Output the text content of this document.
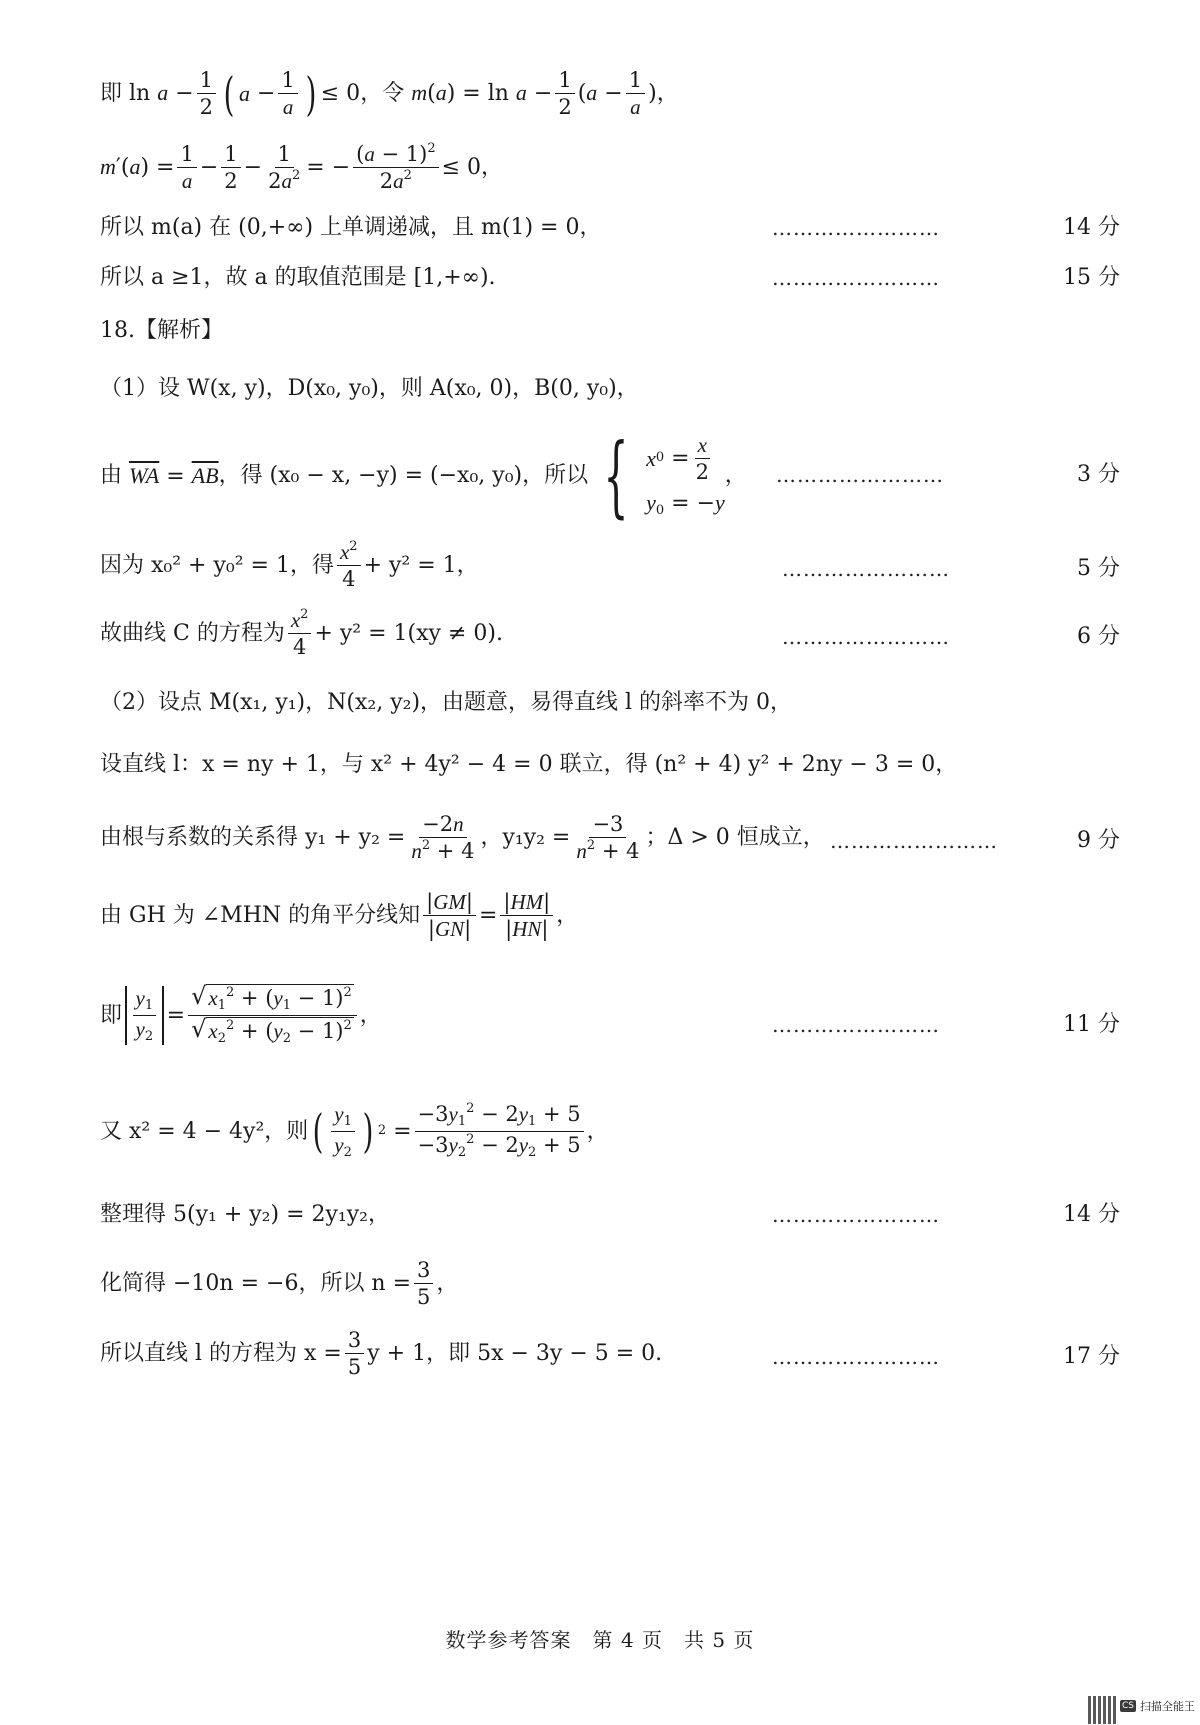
即 $\ln a - \frac{1}{2}$ ( $a - \frac{1}{a}$ ) ≤ 0 ，令 $m(a) = \ln a - \frac{1}{2} (a - \frac{1}{a}$ ) ，
$m'(a) = \frac{1}{a} - \frac{1}{2} - \frac{1}{2a^2}$ = − $\frac{(a - 1)^2}{2a^2} \le 0$，
所以 m(a) 在 (0,+∞) 上单调递减，且 m(1) = 0，	……………………	14 分
所以 a ≥1，故 a 的取值范围是 [1,+∞).	……………………	15 分
18.【解析】
（1）设 W(x, y)，D(x₀, y₀)，则 A(x₀, 0)，B(0, y₀)，
由 $\overline{WA} = \overline{AB}$ ，得 (x₀ − x, −y) = (−x₀, y₀)，所以 { x $0 = \frac{x}{2}$
$y_0 = -y$
， ……………………	3 分
因为 x₀² + y₀² = 1，得 $\frac{x^2}{4} + y^2 = 1$，	……………………	5 分
故曲线 C 的方程为 $\frac{x^2}{4} + y^2 = 1(xy \ne 0)$.	……………………	6 分
（2）设点 M(x₁, y₁)，N(x₂, y₂)，由题意，易得直线 l 的斜率不为 0，
设直线 l：x = ny + 1，与 x² + 4y² − 4 = 0 联立，得 (n² + 4) y² + 2ny − 3 = 0，
由根与系数的关系得 $y_1 + y_2 = \frac{-2n}{n^2 + 4}$ ，$y_1y_2 = \frac{-3}{n^2 + 4}$ ；Δ > 0 恒成立， ……………………	9 分
由 GH 为 ∠MHN 的角平分线知 $\frac{|GM|}{|GN|} = \frac{|HM|}{|HN|}$ ，
即 $\frac{y_1}{y_2} = \frac{√ x_1^2 + (y_1 - 1)^2}{√ x_2^2 + (y_2 - 1)^2}$ ，	……………………	11 分
又 x² = 4 − 4y²，则 ( $\frac{y_1}{y_2}$ ) $2 = \frac{-3y_1^2 - 2y_1 + 5}{-3y_2^2 - 2y_2 + 5}$ ，
整理得 5(y₁ + y₂) = 2y₁y₂，	……………………	14 分
化简得 −10n = −6，所以 $n = \frac{3}{5}$ ，
所以直线 l 的方程为 $x = \frac{3}{5}$ y + 1，即 5x − 3y − 5 = 0.	……………………	17 分
数学参考答案　第 4 页　共 5 页
CS 扫描全能王
